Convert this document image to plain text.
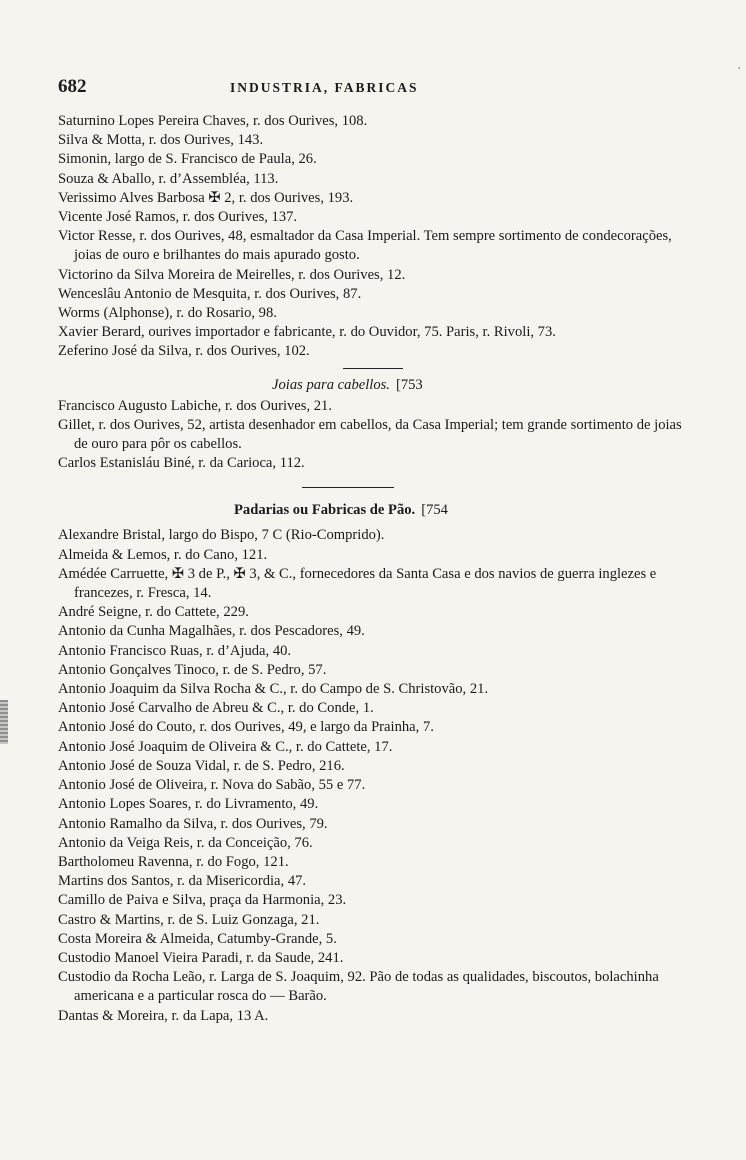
'
682	INDUSTRIA, FABRICAS
Saturnino Lopes Pereira Chaves, r. dos Ourives, 108.
Silva & Motta, r. dos Ourives, 143.
Simonin, largo de S. Francisco de Paula, 26.
Souza & Aballo, r. d’Assembléa, 113.
Verissimo Alves Barbosa ✠ 2, r. dos Ourives, 193.
Vicente José Ramos, r. dos Ourives, 137.
Victor Resse, r. dos Ourives, 48, esmaltador da Casa Imperial. Tem sempre sortimento de condecorações, joias de ouro e brilhantes do mais apurado gosto.
Victorino da Silva Moreira de Meirelles, r. dos Ourives, 12.
Wenceslâu Antonio de Mesquita, r. dos Ourives, 87.
Worms (Alphonse), r. do Rosario, 98.
Xavier Berard, ourives importador e fabricante, r. do Ouvidor, 75. Paris, r. Rivoli, 73.
Zeferino José da Silva, r. dos Ourives, 102.
Joias para cabellos. [753
Francisco Augusto Labiche, r. dos Ourives, 21.
Gillet, r. dos Ourives, 52, artista desenhador em cabellos, da Casa Imperial; tem grande sortimento de joias de ouro para pôr os cabellos.
Carlos Estanisláu Biné, r. da Carioca, 112.
Padarias ou Fabricas de Pão. [754
Alexandre Bristal, largo do Bispo, 7 C (Rio-Comprido).
Almeida & Lemos, r. do Cano, 121.
Amédée Carruette, ✠ 3 de P., ✠ 3, & C., fornecedores da Santa Casa e dos navios de guerra inglezes e francezes, r. Fresca, 14.
André Seigne, r. do Cattete, 229.
Antonio da Cunha Magalhães, r. dos Pescadores, 49.
Antonio Francisco Ruas, r. d’Ajuda, 40.
Antonio Gonçalves Tinoco, r. de S. Pedro, 57.
Antonio Joaquim da Silva Rocha & C., r. do Campo de S. Christovão, 21.
Antonio José Carvalho de Abreu & C., r. do Conde, 1.
Antonio José do Couto, r. dos Ourives, 49, e largo da Prainha, 7.
Antonio José Joaquim de Oliveira & C., r. do Cattete, 17.
Antonio José de Souza Vidal, r. de S. Pedro, 216.
Antonio José de Oliveira, r. Nova do Sabão, 55 e 77.
Antonio Lopes Soares, r. do Livramento, 49.
Antonio Ramalho da Silva, r. dos Ourives, 79.
Antonio da Veiga Reis, r. da Conceição, 76.
Bartholomeu Ravenna, r. do Fogo, 121.
Martins dos Santos, r. da Misericordia, 47.
Camillo de Paiva e Silva, praça da Harmonia, 23.
Castro & Martins, r. de S. Luiz Gonzaga, 21.
Costa Moreira & Almeida, Catumby-Grande, 5.
Custodio Manoel Vieira Paradi, r. da Saude, 241.
Custodio da Rocha Leão, r. Larga de S. Joaquim, 92. Pão de todas as qualidades, biscoutos, bolachinha americana e a particular rosca do — Barão.
Dantas & Moreira, r. da Lapa, 13 A.
